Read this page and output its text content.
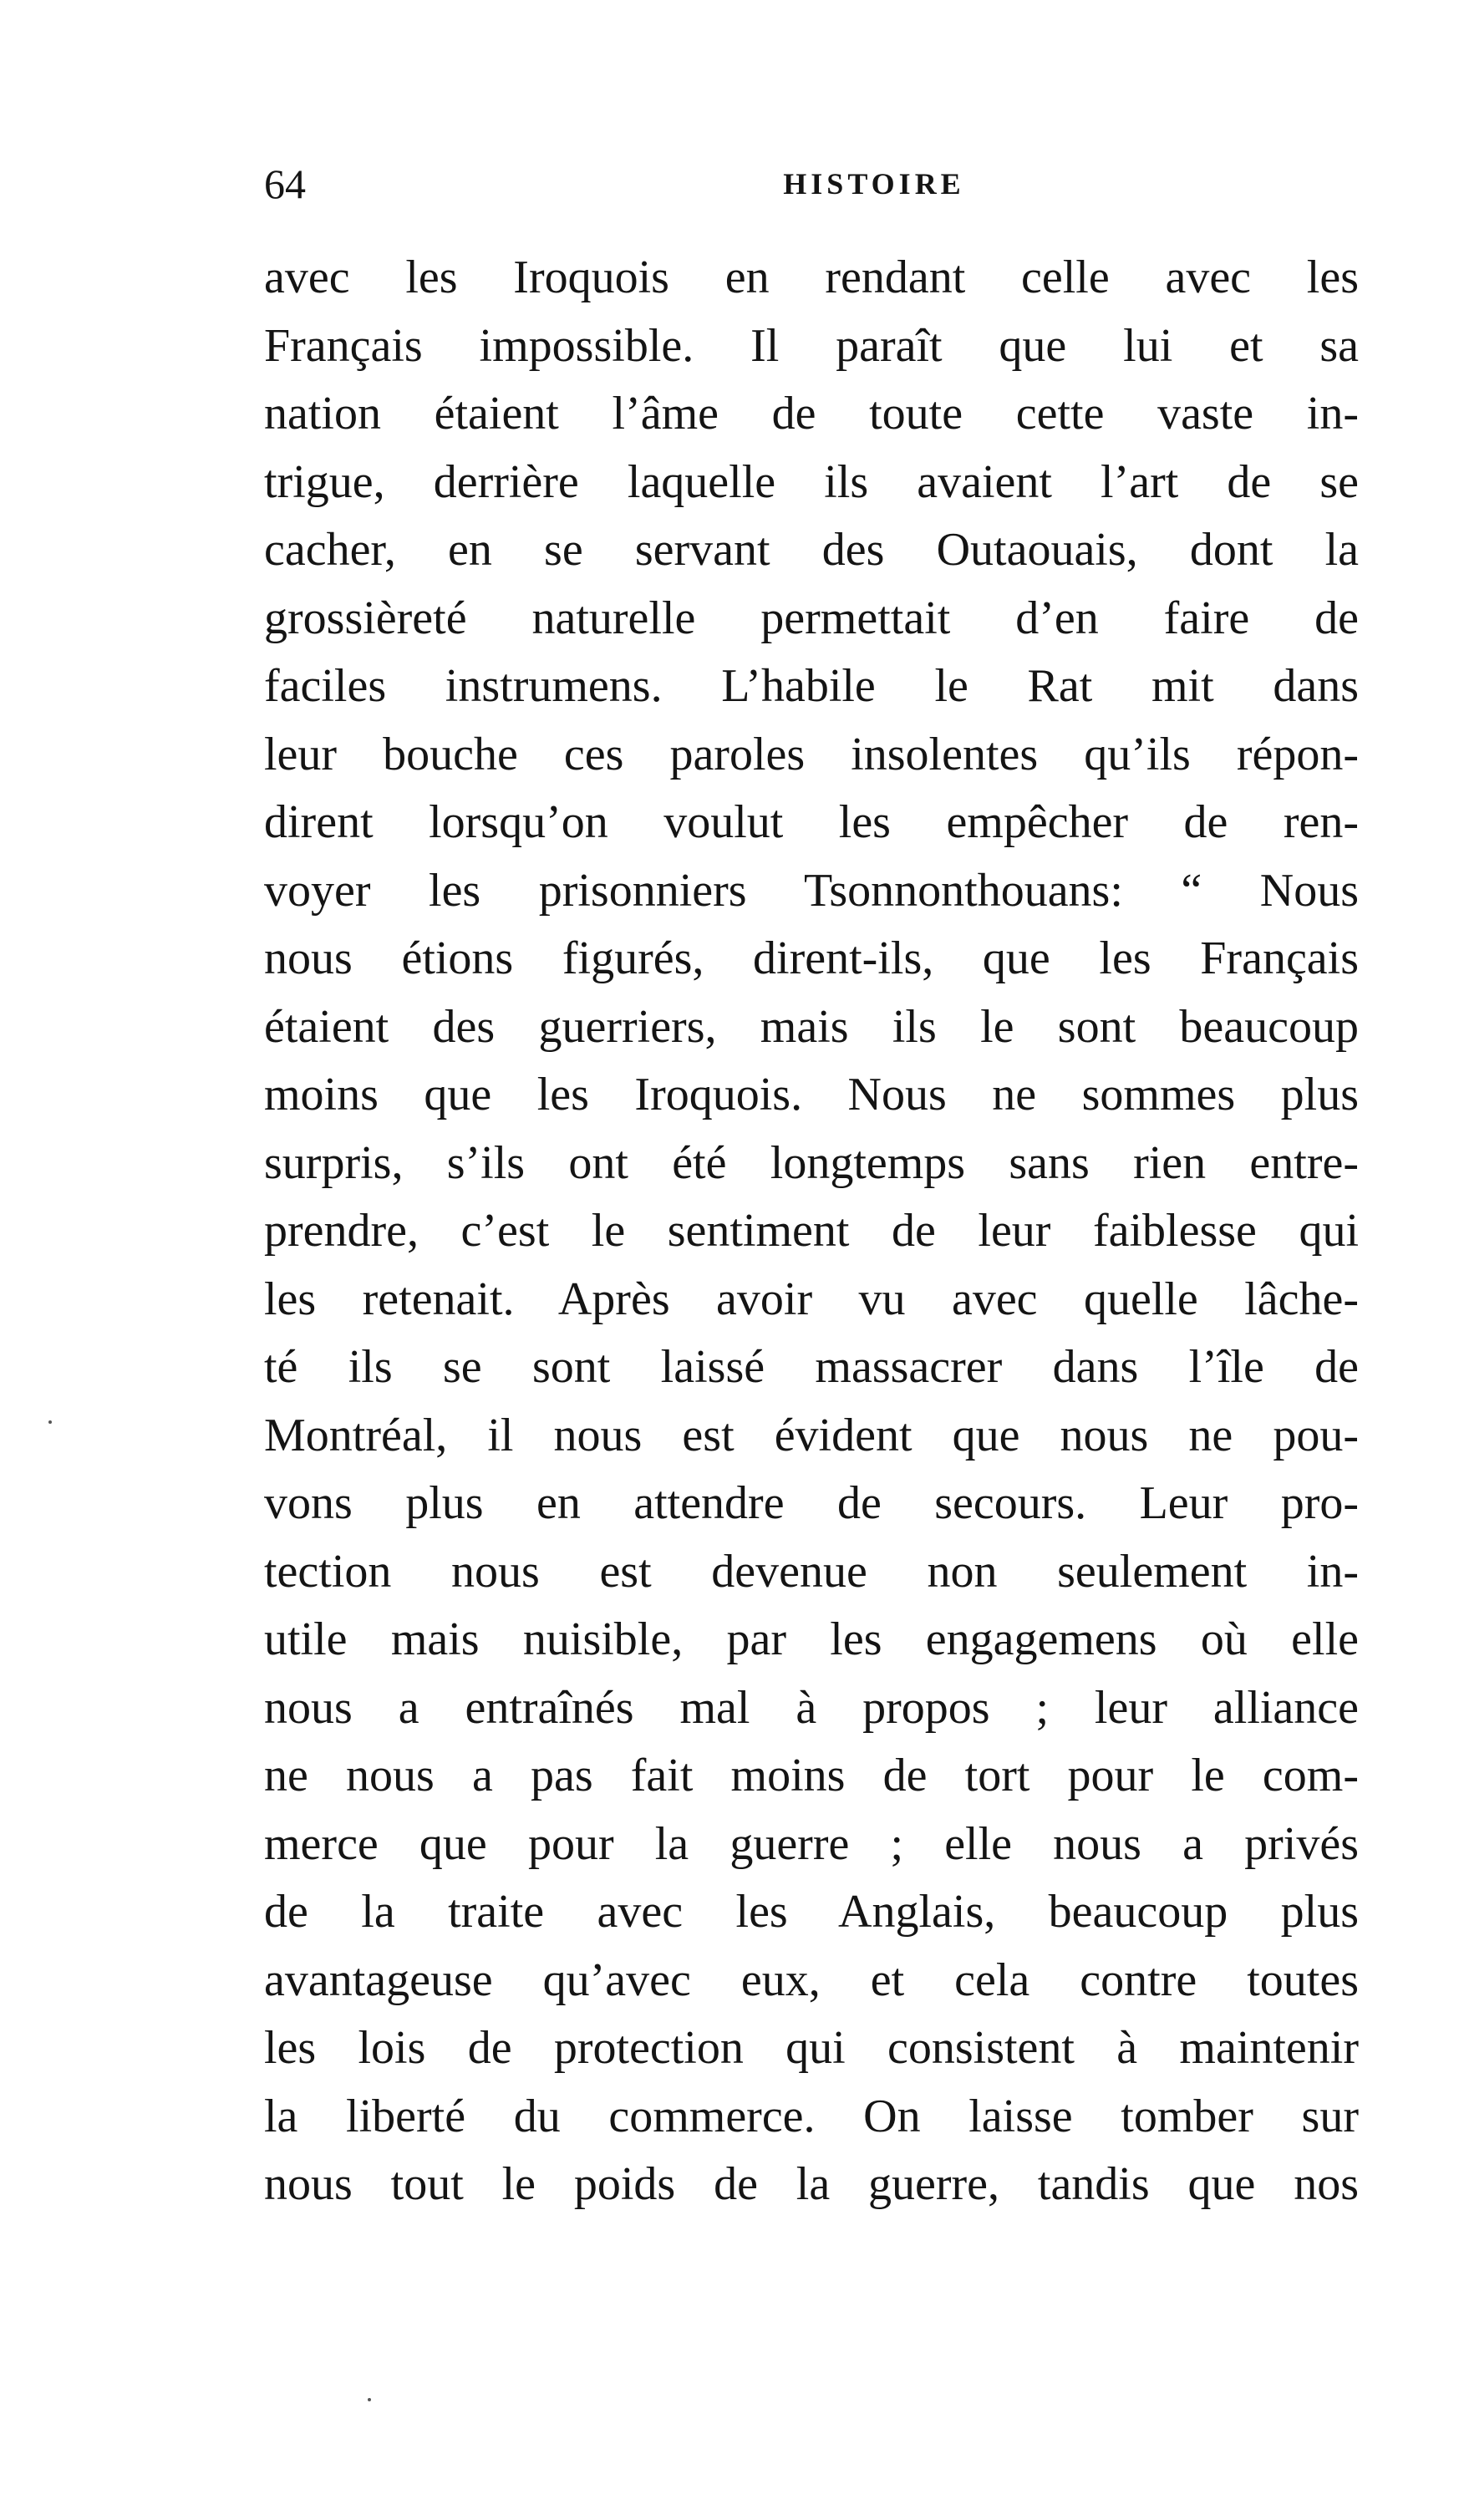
64	HISTOIRE
avec les Iroquois en rendant celle avec les
Français impossible. Il paraît que lui et sa
nation étaient l’âme de toute cette vaste in-
trigue, derrière laquelle ils avaient l’art de se
cacher, en se servant des Outaouais, dont la
grossièreté naturelle permettait d’en faire de
faciles instrumens. L’habile le Rat mit dans
leur bouche ces paroles insolentes qu’ils répon-
dirent lorsqu’on voulut les empêcher de ren-
voyer les prisonniers Tsonnonthouans: “ Nous
nous étions figurés, dirent-ils, que les Français
étaient des guerriers, mais ils le sont beaucoup
moins que les Iroquois. Nous ne sommes plus
surpris, s’ils ont été longtemps sans rien entre-
prendre, c’est le sentiment de leur faiblesse qui
les retenait. Après avoir vu avec quelle lâche-
té ils se sont laissé massacrer dans l’île de
Montréal, il nous est évident que nous ne pou-
vons plus en attendre de secours. Leur pro-
tection nous est devenue non seulement in-
utile mais nuisible, par les engagemens où elle
nous a entraînés mal à propos ; leur alliance
ne nous a pas fait moins de tort pour le com-
merce que pour la guerre ; elle nous a privés
de la traite avec les Anglais, beaucoup plus
avantageuse qu’avec eux, et cela contre toutes
les lois de protection qui consistent à maintenir
la liberté du commerce. On laisse tomber sur
nous tout le poids de la guerre, tandis que nos
